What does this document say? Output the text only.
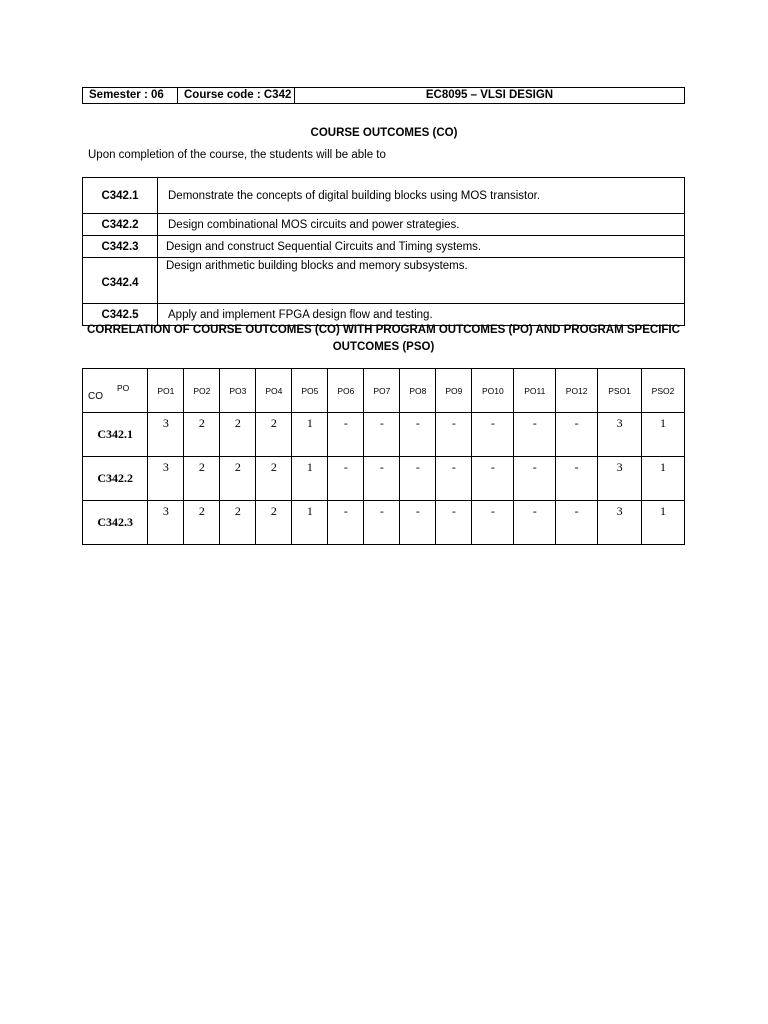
Semester : 06	Course code : C342	EC8095 – VLSI DESIGN
COURSE OUTCOMES (CO)
Upon completion of the course, the students will be able to
C342.1	Demonstrate the concepts of digital building blocks using MOS transistor.
C342.2	Design combinational MOS circuits and power strategies.
C342.3	Design and construct Sequential Circuits and Timing systems.
C342.4	Design arithmetic building blocks and memory subsystems.
C342.5	Apply and implement FPGA design flow and testing.
CORRELATION OF COURSE OUTCOMES (CO) WITH PROGRAM OUTCOMES (PO) AND PROGRAM SPECIFIC OUTCOMES (PSO)
PO
CO	PO1	PO2	PO3	PO4	PO5	PO6	PO7	PO8	PO9	PO10	PO11	PO12	PSO1	PSO2
C342.1	3	2	2	2	1	-	-	-	-	-	-	-	3	1
C342.2	3	2	2	2	1	-	-	-	-	-	-	-	3	1
C342.3	3	2	2	2	1	-	-	-	-	-	-	-	3	1
